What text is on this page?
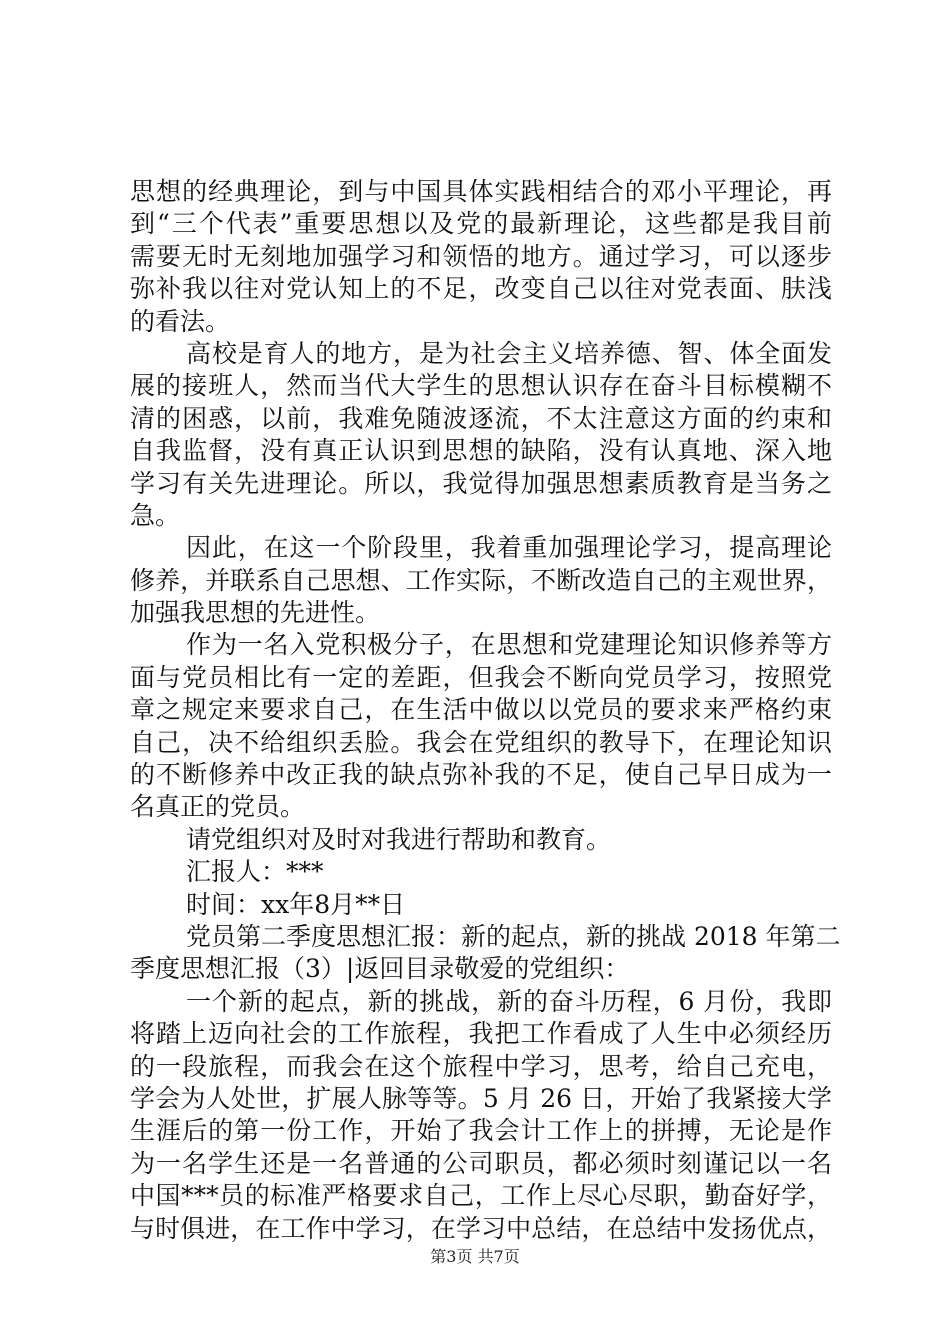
思想的经典理论，到与中国具体实践相结合的邓小平理论，再
到“三个代表”重要思想以及党的最新理论，这些都是我目前
需要无时无刻地加强学习和领悟的地方。通过学习，可以逐步
弥补我以往对党认知上的不足，改变自己以往对党表面、肤浅
的看法。
高校是育人的地方，是为社会主义培养德、智、体全面发
展的接班人，然而当代大学生的思想认识存在奋斗目标模糊不
清的困惑，以前，我难免随波逐流，不太注意这方面的约束和
自我监督，没有真正认识到思想的缺陷，没有认真地、深入地
学习有关先进理论。所以，我觉得加强思想素质教育是当务之
急。
因此，在这一个阶段里，我着重加强理论学习，提高理论
修养，并联系自己思想、工作实际，不断改造自己的主观世界，
加强我思想的先进性。
作为一名入党积极分子，在思想和党建理论知识修养等方
面与党员相比有一定的差距，但我会不断向党员学习，按照党
章之规定来要求自己，在生活中做以以党员的要求来严格约束
自己，决不给组织丢脸。我会在党组织的教导下，在理论知识
的不断修养中改正我的缺点弥补我的不足，使自己早日成为一
名真正的党员。
请党组织对及时对我进行帮助和教育。
汇报人：***
时间：xx年8月**日
党员第二季度思想汇报：新的起点，新的挑战 2018 年第二
季度思想汇报（3）|返回目录敬爱的党组织：
一个新的起点，新的挑战，新的奋斗历程，6 月份，我即
将踏上迈向社会的工作旅程，我把工作看成了人生中必须经历
的一段旅程，而我会在这个旅程中学习，思考，给自己充电，
学会为人处世，扩展人脉等等。5 月 26 日，开始了我紧接大学
生涯后的第一份工作，开始了我会计工作上的拼搏，无论是作
为一名学生还是一名普通的公司职员，都必须时刻谨记以一名
中国***员的标准严格要求自己，工作上尽心尽职，勤奋好学，
与时俱进，在工作中学习，在学习中总结，在总结中发扬优点，
第3页 共7页
